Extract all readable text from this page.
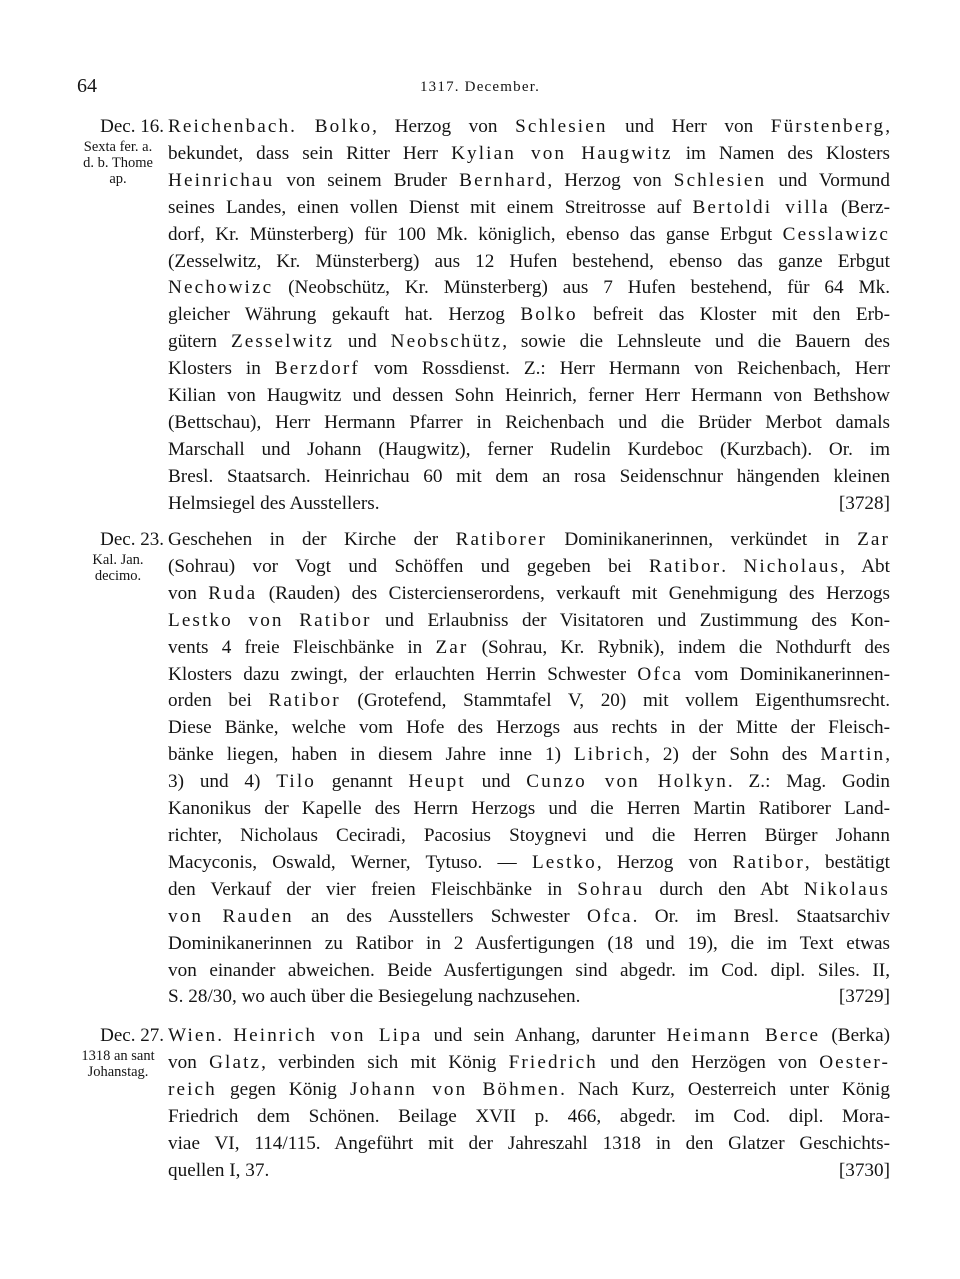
64	1317. December.
Dec. 16.
Sexta fer. a.
d. b. Thome
ap.
Reichenbach. Bolko, Herzog von Schlesien und Herr von Fürstenberg,
bekundet, dass sein Ritter Herr Kylian von Haugwitz im Namen des Klosters
Heinrichau von seinem Bruder Bernhard, Herzog von Schlesien und Vormund
seines Landes, einen vollen Dienst mit einem Streitrosse auf Bertoldi villa (Berz-
dorf, Kr. Münsterberg) für 100 Mk. königlich, ebenso das ganse Erbgut Cesslawizc
(Zesselwitz, Kr. Münsterberg) aus 12 Hufen bestehend, ebenso das ganze Erbgut
Nechowizc (Neobschütz, Kr. Münsterberg) aus 7 Hufen bestehend, für 64 Mk.
gleicher Währung gekauft hat. Herzog Bolko befreit das Kloster mit den Erb-
gütern Zesselwitz und Neobschütz, sowie die Lehnsleute und die Bauern des
Klosters in Berzdorf vom Rossdienst. Z.: Herr Hermann von Reichenbach, Herr
Kilian von Haugwitz und dessen Sohn Heinrich, ferner Herr Hermann von Bethshow
(Bettschau), Herr Hermann Pfarrer in Reichenbach und die Brüder Merbot damals
Marschall und Johann (Haugwitz), ferner Rudelin Kurdeboc (Kurzbach). Or. im
Bresl. Staatsarch. Heinrichau 60 mit dem an rosa Seidenschnur hängenden kleinen
Helmsiegel des Ausstellers.	[3728]
Dec. 23.
Kal. Jan.
decimo.
Geschehen in der Kirche der Ratiborer Dominikanerinnen, verkündet in Zar
(Sohrau) vor Vogt und Schöffen und gegeben bei Ratibor. Nicholaus, Abt
von Ruda (Rauden) des Cistercienserordens, verkauft mit Genehmigung des Herzogs
Lestko von Ratibor und Erlaubniss der Visitatoren und Zustimmung des Kon-
vents 4 freie Fleischbänke in Zar (Sohrau, Kr. Rybnik), indem die Nothdurft des
Klosters dazu zwingt, der erlauchten Herrin Schwester Ofca vom Dominikanerinnen-
orden bei Ratibor (Grotefend, Stammtafel V, 20) mit vollem Eigenthumsrecht.
Diese Bänke, welche vom Hofe des Herzogs aus rechts in der Mitte der Fleisch-
bänke liegen, haben in diesem Jahre inne 1) Librich, 2) der Sohn des Martin,
3) und 4) Tilo genannt Heupt und Cunzo von Holkyn. Z.: Mag. Godin
Kanonikus der Kapelle des Herrn Herzogs und die Herren Martin Ratiborer Land-
richter, Nicholaus Ceciradi, Pacosius Stoygnevi und die Herren Bürger Johann
Macyconis, Oswald, Werner, Tytuso. — Lestko, Herzog von Ratibor, bestätigt
den Verkauf der vier freien Fleischbänke in Sohrau durch den Abt Nikolaus
von Rauden an des Ausstellers Schwester Ofca. Or. im Bresl. Staatsarchiv
Dominikanerinnen zu Ratibor in 2 Ausfertigungen (18 und 19), die im Text etwas
von einander abweichen. Beide Ausfertigungen sind abgedr. im Cod. dipl. Siles. II,
S. 28/30, wo auch über die Besiegelung nachzusehen.	[3729]
Dec. 27.
1318 an sant
Johanstag.
Wien. Heinrich von Lipa und sein Anhang, darunter Heimann Berce (Berka)
von Glatz, verbinden sich mit König Friedrich und den Herzögen von Oester-
reich gegen König Johann von Böhmen. Nach Kurz, Oesterreich unter König
Friedrich dem Schönen. Beilage XVII p. 466, abgedr. im Cod. dipl. Mora-
viae VI, 114/115. Angeführt mit der Jahreszahl 1318 in den Glatzer Geschichts-
quellen I, 37.	[3730]
